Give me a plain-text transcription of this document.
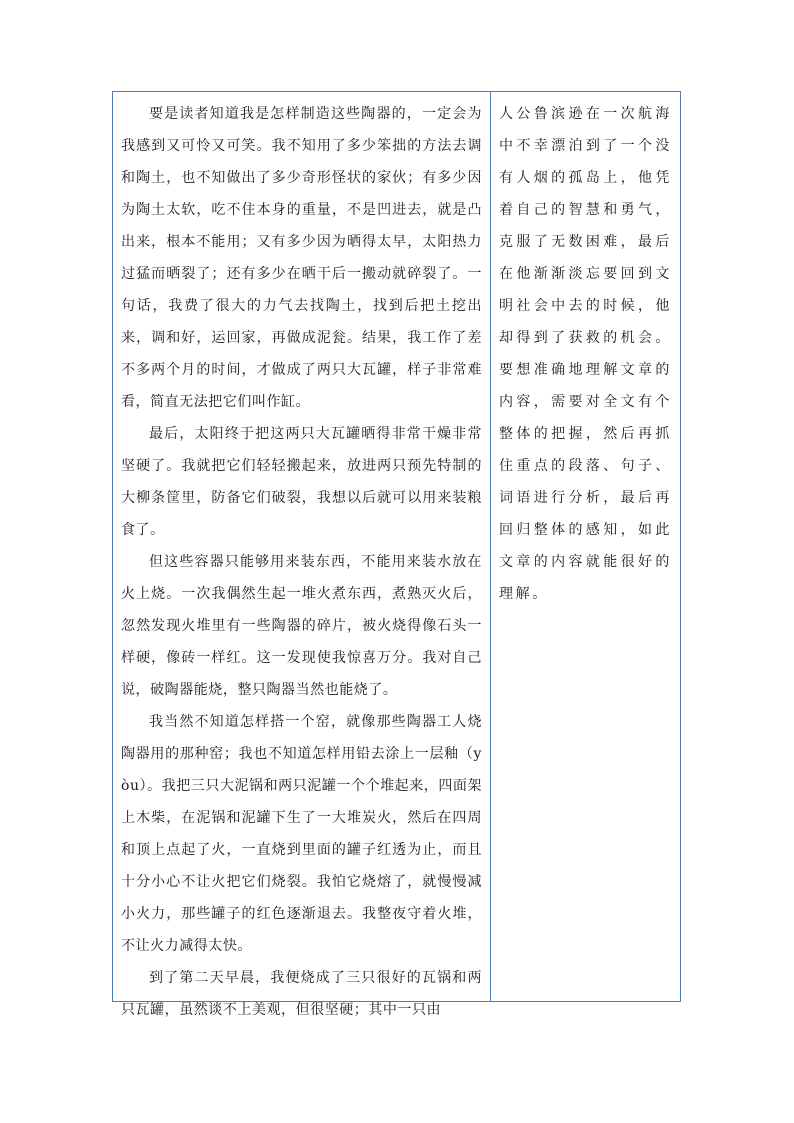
要是读者知道我是怎样制造这些陶器的，一定会为我感到又可怜又可笑。我不知用了多少笨拙的方法去调和陶土，也不知做出了多少奇形怪状的家伙；有多少因为陶土太软，吃不住本身的重量，不是凹进去，就是凸出来，根本不能用；又有多少因为晒得太早，太阳热力过猛而晒裂了；还有多少在晒干后一搬动就碎裂了。一句话，我费了很大的力气去找陶土，找到后把土挖出来，调和好，运回家，再做成泥瓮。结果，我工作了差不多两个月的时间，才做成了两只大瓦罐，样子非常难看，简直无法把它们叫作缸。

最后，太阳终于把这两只大瓦罐晒得非常干燥非常坚硬了。我就把它们轻轻搬起来，放进两只预先特制的大柳条筐里，防备它们破裂，我想以后就可以用来装粮食了。

但这些容器只能够用来装东西，不能用来装水放在火上烧。一次我偶然生起一堆火煮东西，煮熟灭火后，忽然发现火堆里有一些陶器的碎片，被火烧得像石头一样硬，像砖一样红。这一发现使我惊喜万分。我对自己说，破陶器能烧，整只陶器当然也能烧了。

我当然不知道怎样搭一个窑，就像那些陶器工人烧陶器用的那种窑；我也不知道怎样用铅去涂上一层釉（yòu）。我把三只大泥锅和两只泥罐一个个堆起来，四面架上木柴，在泥锅和泥罐下生了一大堆炭火，然后在四周和顶上点起了火，一直烧到里面的罐子红透为止，而且十分小心不让火把它们烧裂。我怕它烧熔了，就慢慢减小火力，那些罐子的红色逐渐退去。我整夜守着火堆，不让火力减得太快。

到了第二天早晨，我便烧成了三只很好的瓦锅和两只瓦罐，虽然谈不上美观，但很坚硬；其中一只由

人公鲁滨逊在一次航海中不幸漂泊到了一个没有人烟的孤岛上，他凭着自己的智慧和勇气，克服了无数困难，最后在他渐渐淡忘要回到文明社会中去的时候，他却得到了获救的机会。要想准确地理解文章的内容，需要对全文有个整体的把握，然后再抓住重点的段落、句子、词语进行分析，最后再回归整体的感知，如此文章的内容就能很好的理解。
